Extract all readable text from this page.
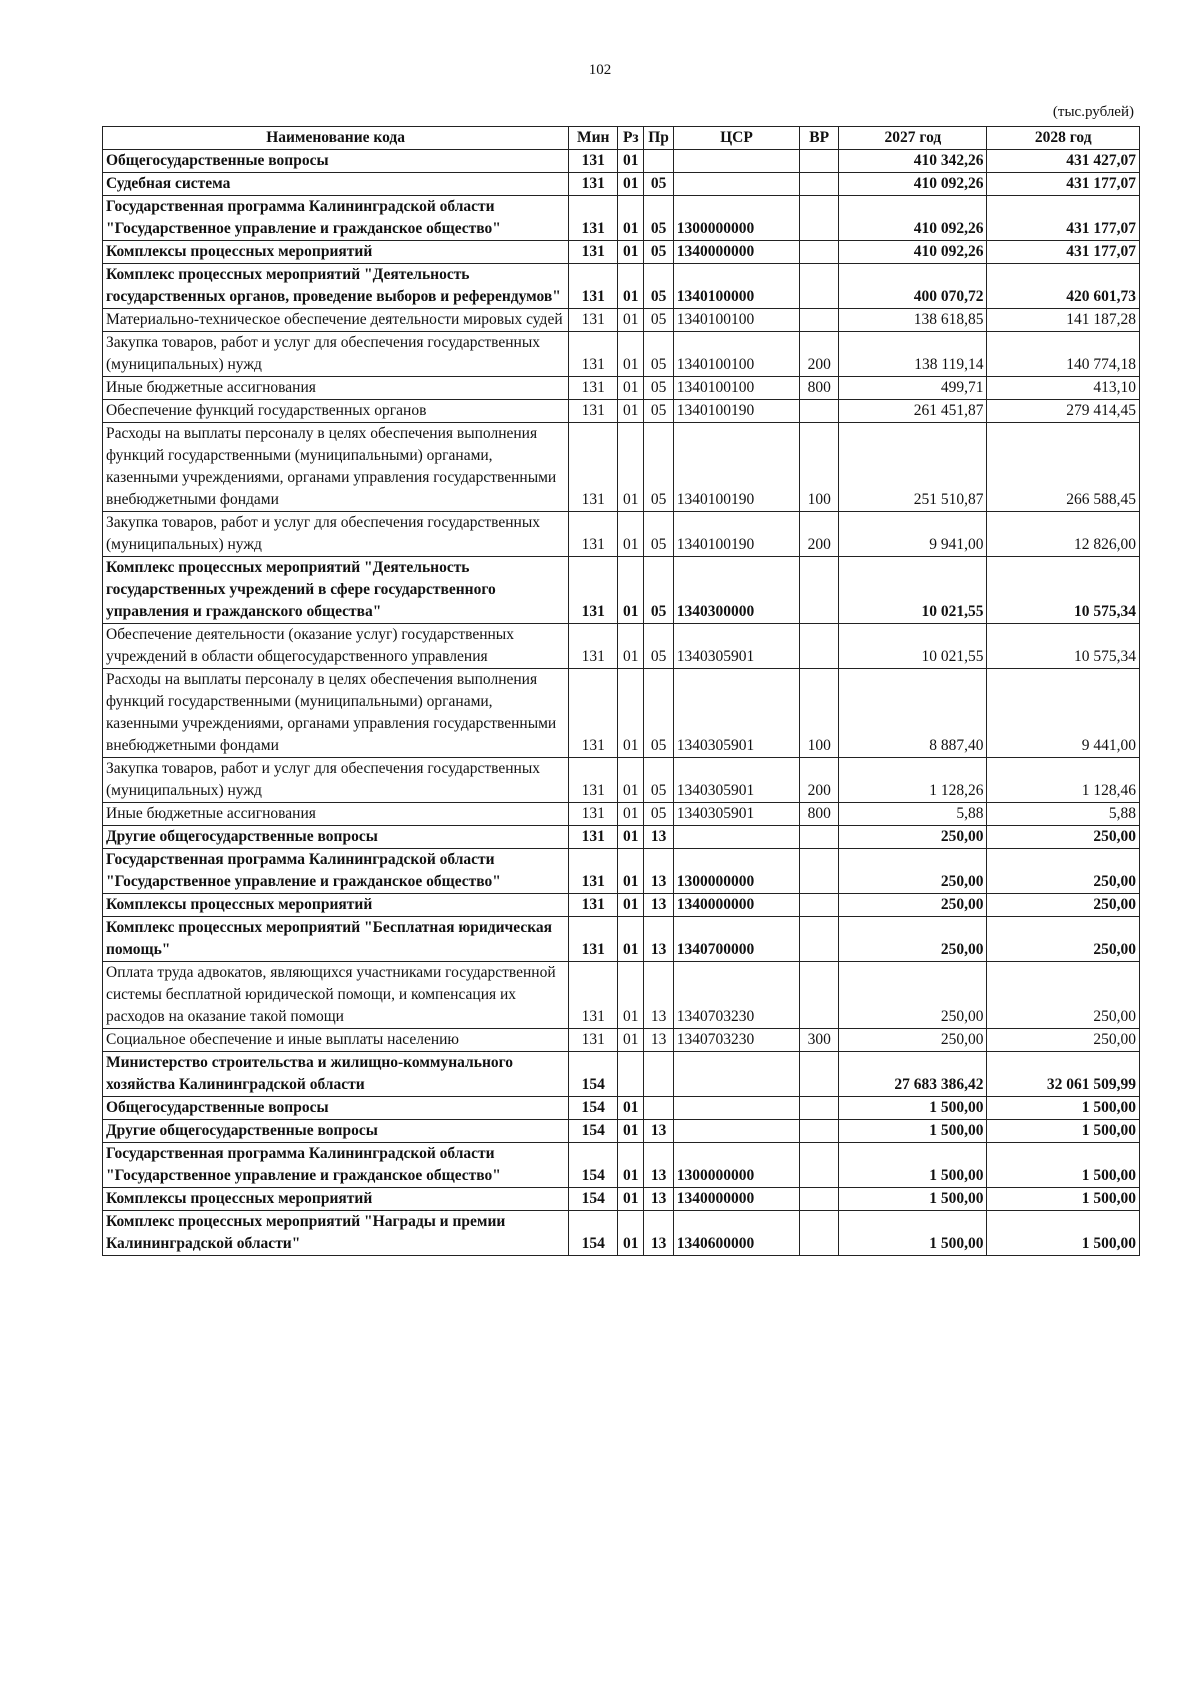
102
(тыс.рублей)
Наименование кода	Мин	Рз	Пр	ЦСР	ВР	2027 год	2028 год
Общегосударственные вопросы	131	01				410 342,26	431 427,07
Судебная система	131	01	05			410 092,26	431 177,07
Государственная программа Калининградской области "Государственное управление и гражданское общество"	131	01	05	1300000000		410 092,26	431 177,07
Комплексы процессных мероприятий	131	01	05	1340000000		410 092,26	431 177,07
Комплекс процессных мероприятий "Деятельность государственных органов, проведение выборов и референдумов"	131	01	05	1340100000		400 070,72	420 601,73
Материально-техническое обеспечение деятельности мировых судей	131	01	05	1340100100		138 618,85	141 187,28
Закупка товаров, работ и услуг для обеспечения государственных (муниципальных) нужд	131	01	05	1340100100	200	138 119,14	140 774,18
Иные бюджетные ассигнования	131	01	05	1340100100	800	499,71	413,10
Обеспечение функций государственных органов	131	01	05	1340100190		261 451,87	279 414,45
Расходы на выплаты персоналу в целях обеспечения выполнения функций государственными (муниципальными) органами, казенными учреждениями, органами управления государственными внебюджетными фондами	131	01	05	1340100190	100	251 510,87	266 588,45
Закупка товаров, работ и услуг для обеспечения государственных (муниципальных) нужд	131	01	05	1340100190	200	9 941,00	12 826,00
Комплекс процессных мероприятий "Деятельность государственных учреждений в сфере государственного управления и гражданского общества"	131	01	05	1340300000		10 021,55	10 575,34
Обеспечение деятельности (оказание услуг) государственных учреждений в области общегосударственного управления	131	01	05	1340305901		10 021,55	10 575,34
Расходы на выплаты персоналу в целях обеспечения выполнения функций государственными (муниципальными) органами, казенными учреждениями, органами управления государственными внебюджетными фондами	131	01	05	1340305901	100	8 887,40	9 441,00
Закупка товаров, работ и услуг для обеспечения государственных (муниципальных) нужд	131	01	05	1340305901	200	1 128,26	1 128,46
Иные бюджетные ассигнования	131	01	05	1340305901	800	5,88	5,88
Другие общегосударственные вопросы	131	01	13			250,00	250,00
Государственная программа Калининградской области "Государственное управление и гражданское общество"	131	01	13	1300000000		250,00	250,00
Комплексы процессных мероприятий	131	01	13	1340000000		250,00	250,00
Комплекс процессных мероприятий "Бесплатная юридическая помощь"	131	01	13	1340700000		250,00	250,00
Оплата труда адвокатов, являющихся участниками государственной системы бесплатной юридической помощи, и компенсация их расходов на оказание такой помощи	131	01	13	1340703230		250,00	250,00
Социальное обеспечение и иные выплаты населению	131	01	13	1340703230	300	250,00	250,00
Министерство строительства и жилищно-коммунального хозяйства Калининградской области	154					27 683 386,42	32 061 509,99
Общегосударственные вопросы	154	01				1 500,00	1 500,00
Другие общегосударственные вопросы	154	01	13			1 500,00	1 500,00
Государственная программа Калининградской области "Государственное управление и гражданское общество"	154	01	13	1300000000		1 500,00	1 500,00
Комплексы процессных мероприятий	154	01	13	1340000000		1 500,00	1 500,00
Комплекс процессных мероприятий "Награды и премии Калининградской области"	154	01	13	1340600000		1 500,00	1 500,00
